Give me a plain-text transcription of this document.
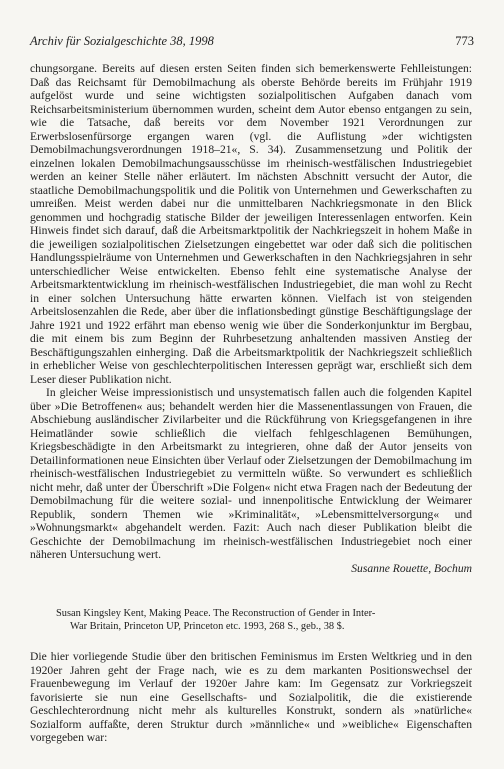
Archiv für Sozialgeschichte 38, 1998	773

chungsorgane. Bereits auf diesen ersten Seiten finden sich bemerkenswerte Fehlleistungen: Daß das Reichsamt für Demobilmachung als oberste Behörde bereits im Frühjahr 1919 aufgelöst wurde und seine wichtigsten sozialpolitischen Aufgaben danach vom Reichsarbeitsministerium übernommen wurden, scheint dem Autor ebenso entgangen zu sein, wie die Tatsache, daß bereits vor dem November 1921 Verordnungen zur Erwerbslosenfürsorge ergangen waren (vgl. die Auflistung »der wichtigsten Demobilmachungsverordnungen 1918–21«, S. 34). Zusammensetzung und Politik der einzelnen lokalen Demobilmachungsausschüsse im rheinisch-westfälischen Industriegebiet werden an keiner Stelle näher erläutert. Im nächsten Abschnitt versucht der Autor, die staatliche Demobilmachungspolitik und die Politik von Unternehmen und Gewerkschaften zu umreißen. Meist werden dabei nur die unmittelbaren Nachkriegsmonate in den Blick genommen und hochgradig statische Bilder der jeweiligen Interessenlagen entworfen. Kein Hinweis findet sich darauf, daß die Arbeitsmarktpolitik der Nachkriegszeit in hohem Maße in die jeweiligen sozialpolitischen Zielsetzungen eingebettet war oder daß sich die politischen Handlungsspielräume von Unternehmen und Gewerkschaften in den Nachkriegsjahren in sehr unterschiedlicher Weise entwickelten. Ebenso fehlt eine systematische Analyse der Arbeitsmarktentwicklung im rheinisch-westfälischen Industriegebiet, die man wohl zu Recht in einer solchen Untersuchung hätte erwarten können. Vielfach ist von steigenden Arbeitslosenzahlen die Rede, aber über die inflationsbedingt günstige Beschäftigungslage der Jahre 1921 und 1922 erfährt man ebenso wenig wie über die Sonderkonjunktur im Bergbau, die mit einem bis zum Beginn der Ruhrbesetzung anhaltenden massiven Anstieg der Beschäftigungszahlen einherging. Daß die Arbeitsmarktpolitik der Nachkriegszeit schließlich in erheblicher Weise von geschlechterpolitischen Interessen geprägt war, erschließt sich dem Leser dieser Publikation nicht.

In gleicher Weise impressionistisch und unsystematisch fallen auch die folgenden Kapitel über »Die Betroffenen« aus; behandelt werden hier die Massenentlassungen von Frauen, die Abschiebung ausländischer Zivilarbeiter und die Rückführung von Kriegsgefangenen in ihre Heimatländer sowie schließlich die vielfach fehlgeschlagenen Bemühungen, Kriegsbeschädigte in den Arbeitsmarkt zu integrieren, ohne daß der Autor jenseits von Detailinformationen neue Einsichten über Verlauf oder Zielsetzungen der Demobilmachung im rheinisch-westfälischen Industriegebiet zu vermitteln wüßte. So verwundert es schließlich nicht mehr, daß unter der Überschrift »Die Folgen« nicht etwa Fragen nach der Bedeutung der Demobilmachung für die weitere sozial- und innenpolitische Entwicklung der Weimarer Republik, sondern Themen wie »Kriminalität«, »Lebensmittelversorgung« und »Wohnungsmarkt« abgehandelt werden. Fazit: Auch nach dieser Publikation bleibt die Geschichte der Demobilmachung im rheinisch-westfälischen Industriegebiet noch einer näheren Untersuchung wert.

Susanne Rouette, Bochum

Susan Kingsley Kent, Making Peace. The Reconstruction of Gender in Inter-
War Britain, Princeton UP, Princeton etc. 1993, 268 S., geb., 38 $.

Die hier vorliegende Studie über den britischen Feminismus im Ersten Weltkrieg und in den 1920er Jahren geht der Frage nach, wie es zu dem markanten Positionswechsel der Frauenbewegung im Verlauf der 1920er Jahre kam: Im Gegensatz zur Vorkriegszeit favorisierte sie nun eine Gesellschafts- und Sozialpolitik, die die existierende Geschlechterordnung nicht mehr als kulturelles Konstrukt, sondern als »natürliche« Sozialform auffaßte, deren Struktur durch »männliche« und »weibliche« Eigenschaften vorgegeben war:
